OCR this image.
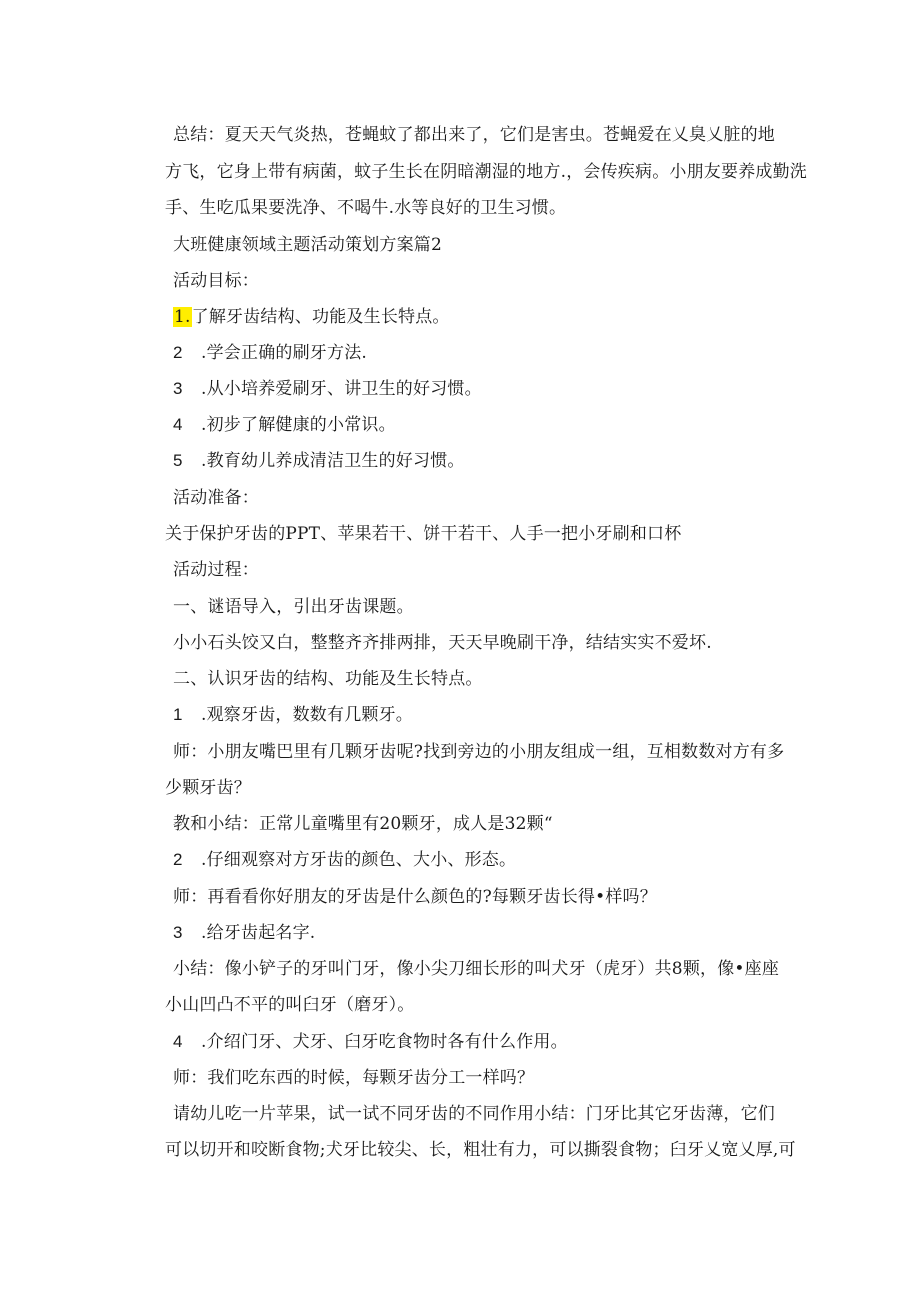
总结：夏天天气炎热，苍蝇蚊了都出来了，它们是害虫。苍蝇爱在乂臭乂脏的地
方飞，它身上带有病菌，蚊子生长在阴暗潮湿的地方.，会传疾病。小朋友要养成勤洗
手、生吃瓜果要洗净、不喝牛.水等良好的卫生习惯。
大班健康领域主题活动策划方案篇2
活动目标：
1.了解牙齿结构、功能及生长特点。
2 .学会正确的刷牙方法.
3 .从小培养爱刷牙、讲卫生的好习惯。
4 .初步了解健康的小常识。
5 .教育幼儿养成清洁卫生的好习惯。
活动准备：
关于保护牙齿的PPT、苹果若干、饼干若干、人手一把小牙刷和口杯
活动过程：
一、谜语导入，引出牙齿课题。
小小石头饺又白，整整齐齐排两排，天天早晚刷干净，结结实实不爱坏.
二、认识牙齿的结构、功能及生长特点。
1 .观察牙齿，数数有几颗牙。
师：小朋友嘴巴里有几颗牙齿呢?找到旁边的小朋友组成一组，互相数数对方有多
少颗牙齿？
教和小结：正常儿童嘴里有20颗牙，成人是32颗“
2 .仔细观察对方牙齿的颜色、大小、形态。
师：再看看你好朋友的牙齿是什么颜色的?每颗牙齿长得•样吗？
3 .给牙齿起名字.
小结：像小铲子的牙叫门牙，像小尖刀细长形的叫犬牙（虎牙）共8颗，像•座座
小山凹凸不平的叫臼牙（磨牙）。
4 .介绍门牙、犬牙、臼牙吃食物时各有什么作用。
师：我们吃东西的时候，每颗牙齿分工一样吗？
请幼儿吃一片苹果，试一试不同牙齿的不同作用小结：门牙比其它牙齿薄，它们
可以切开和咬断食物;犬牙比较尖、长，粗壮有力，可以撕裂食物；臼牙乂宽乂厚,可
